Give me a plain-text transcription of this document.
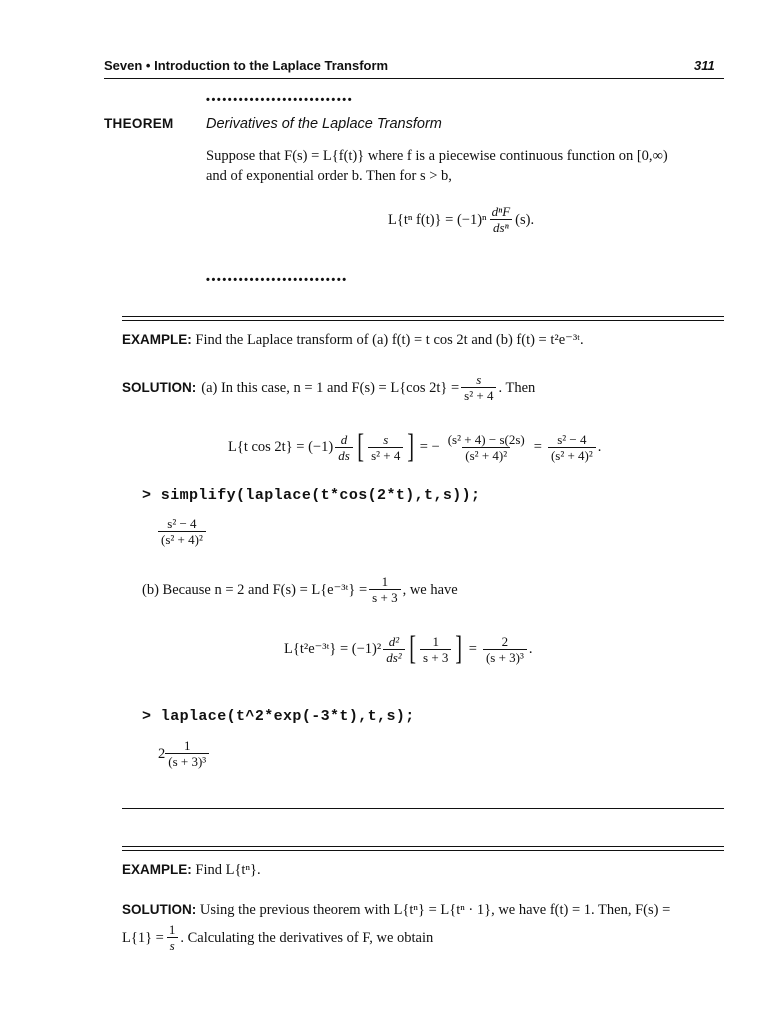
Seven • Introduction to the Laplace Transform	311
•••••••••••••••••••••••••••
THEOREM Derivatives of the Laplace Transform
Suppose that F(s) = L{f(t)} where f is a piecewise continuous function on [0,∞)
and of exponential order b. Then for s > b,
L{tⁿ $f(t)\} = (-1)^n \frac{\text{dⁿF}}{\text{dsⁿ}} (s)$.
••••••••••••••••••••••••••
EXAMPLE: Find the Laplace transform of (a) f(t) = t cos 2t and (b) f(t) = t²e⁻³ᵗ.
SOLUTION: (a) In this case, n = 1 and F(s) = L{cos $2t\} = \frac{s}{\text{s² + 4}}$ . Then
L{t $\cos 2t\} = (-1) \frac{d}{ds}$ [ $\frac{s}{\text{s² + 4}}$ ] = − $\frac{\text{(s² + 4) − s(2s)}}{\text{(s² + 4)²}} = \frac{\text{s² − 4}}{\text{(s² + 4)²}}$ .
> simplify(laplace(t*cos(2*t),t,s));
$\frac{\text{s² − 4}}{\text{(s² + 4)²}}$
(b) Because n = 2 and F(s) = L{e⁻³ᵗ} = $\frac{1}{s + 3}$ , we have
L{t²e⁻³ᵗ} = $(-1)^2 \frac{\text{d²}}{\text{ds²}}$ [ $\frac{1}{s + 3}$ ] = $\frac{2}{\text{(s + 3)³}}$ .
> laplace(t^2*exp(-3*t),t,s);
$2 \frac{1}{\text{(s + 3)³}}$
EXAMPLE: Find L{tⁿ}.
SOLUTION: Using the previous theorem with L{tⁿ} = L{tⁿ · 1}, we have f(t) = 1. Then, F(s) =
$L\{1\} = \frac{1}{s}$ . Calculating the derivatives of F, we obtain
